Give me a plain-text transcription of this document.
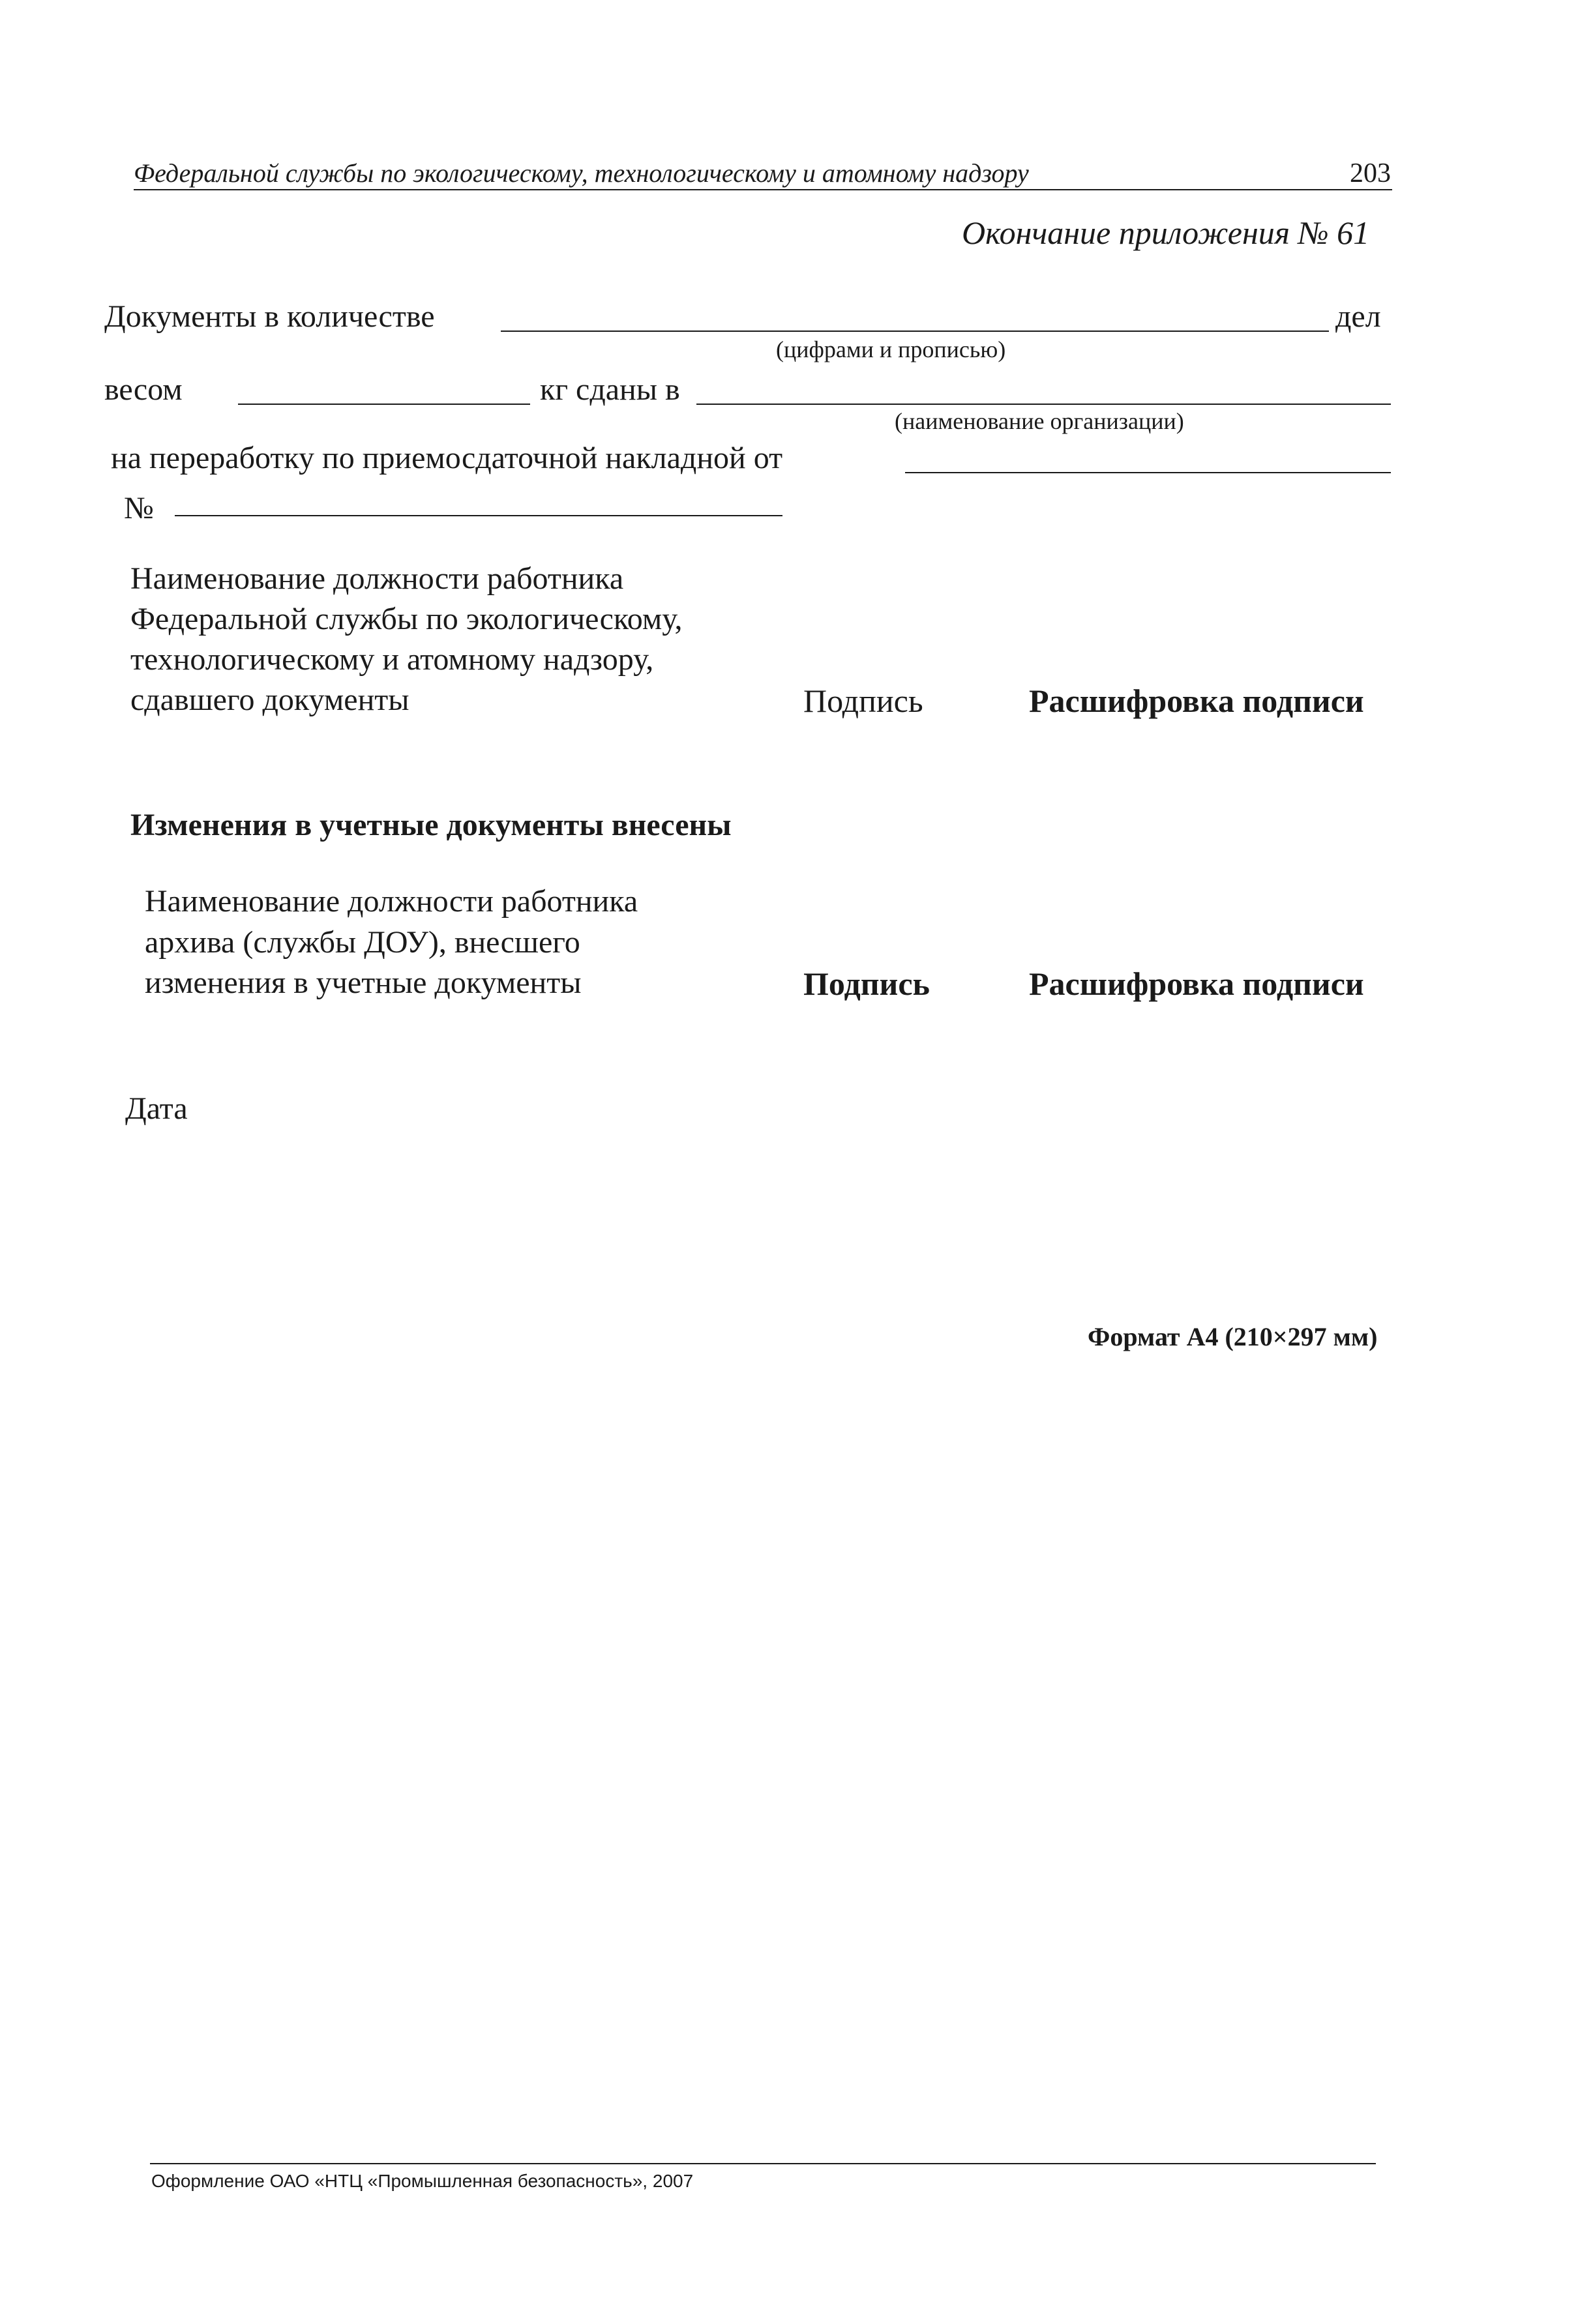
Федеральной службы по экологическому, технологическому и атомному надзору	203
Окончание приложения № 61
Документы в количестве	дел
(цифрами и прописью)
весом	кг сданы в
(наименование организации)
на переработку по приемосдаточной накладной от
№
Наименование должности работника
Федеральной службы по экологическому,
технологическому и атомному надзору,
сдавшего документы	Подпись	Расшифровка подписи
Изменения в учетные документы внесены
Наименование должности работника
архива (службы ДОУ), внесшего
изменения в учетные документы	Подпись	Расшифровка подписи
Дата
Формат А4 (210×297 мм)
Оформление ОАО «НТЦ «Промышленная безопасность», 2007
